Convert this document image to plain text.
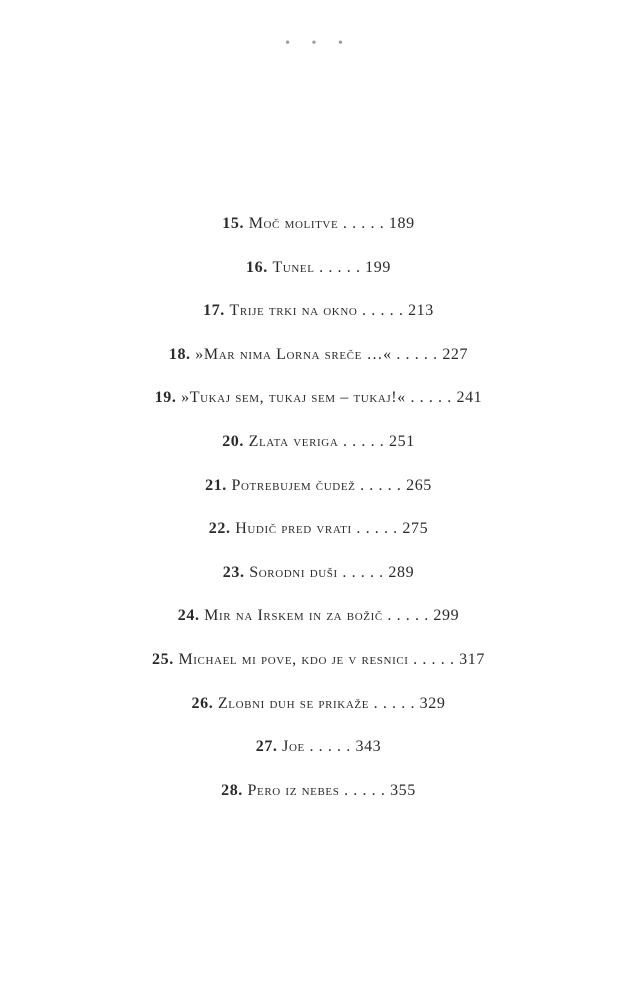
• • •
15. Moč molitve . . . . . 189
16. Tunel . . . . . 199
17. Trije trki na okno . . . . . 213
18. »Mar nima Lorna sreče …« . . . . . 227
19. »Tukaj sem, tukaj sem – tukaj!« . . . . . 241
20. Zlata veriga . . . . . 251
21. Potrebujem čudež . . . . . 265
22. Hudič pred vrati . . . . . 275
23. Sorodni duši . . . . . 289
24. Mir na Irskem in za božič . . . . . 299
25. Michael mi pove, kdo je v resnici . . . . . 317
26. Zlobni duh se prikaže . . . . . 329
27. Joe . . . . . 343
28. Pero iz nebes . . . . . 355
